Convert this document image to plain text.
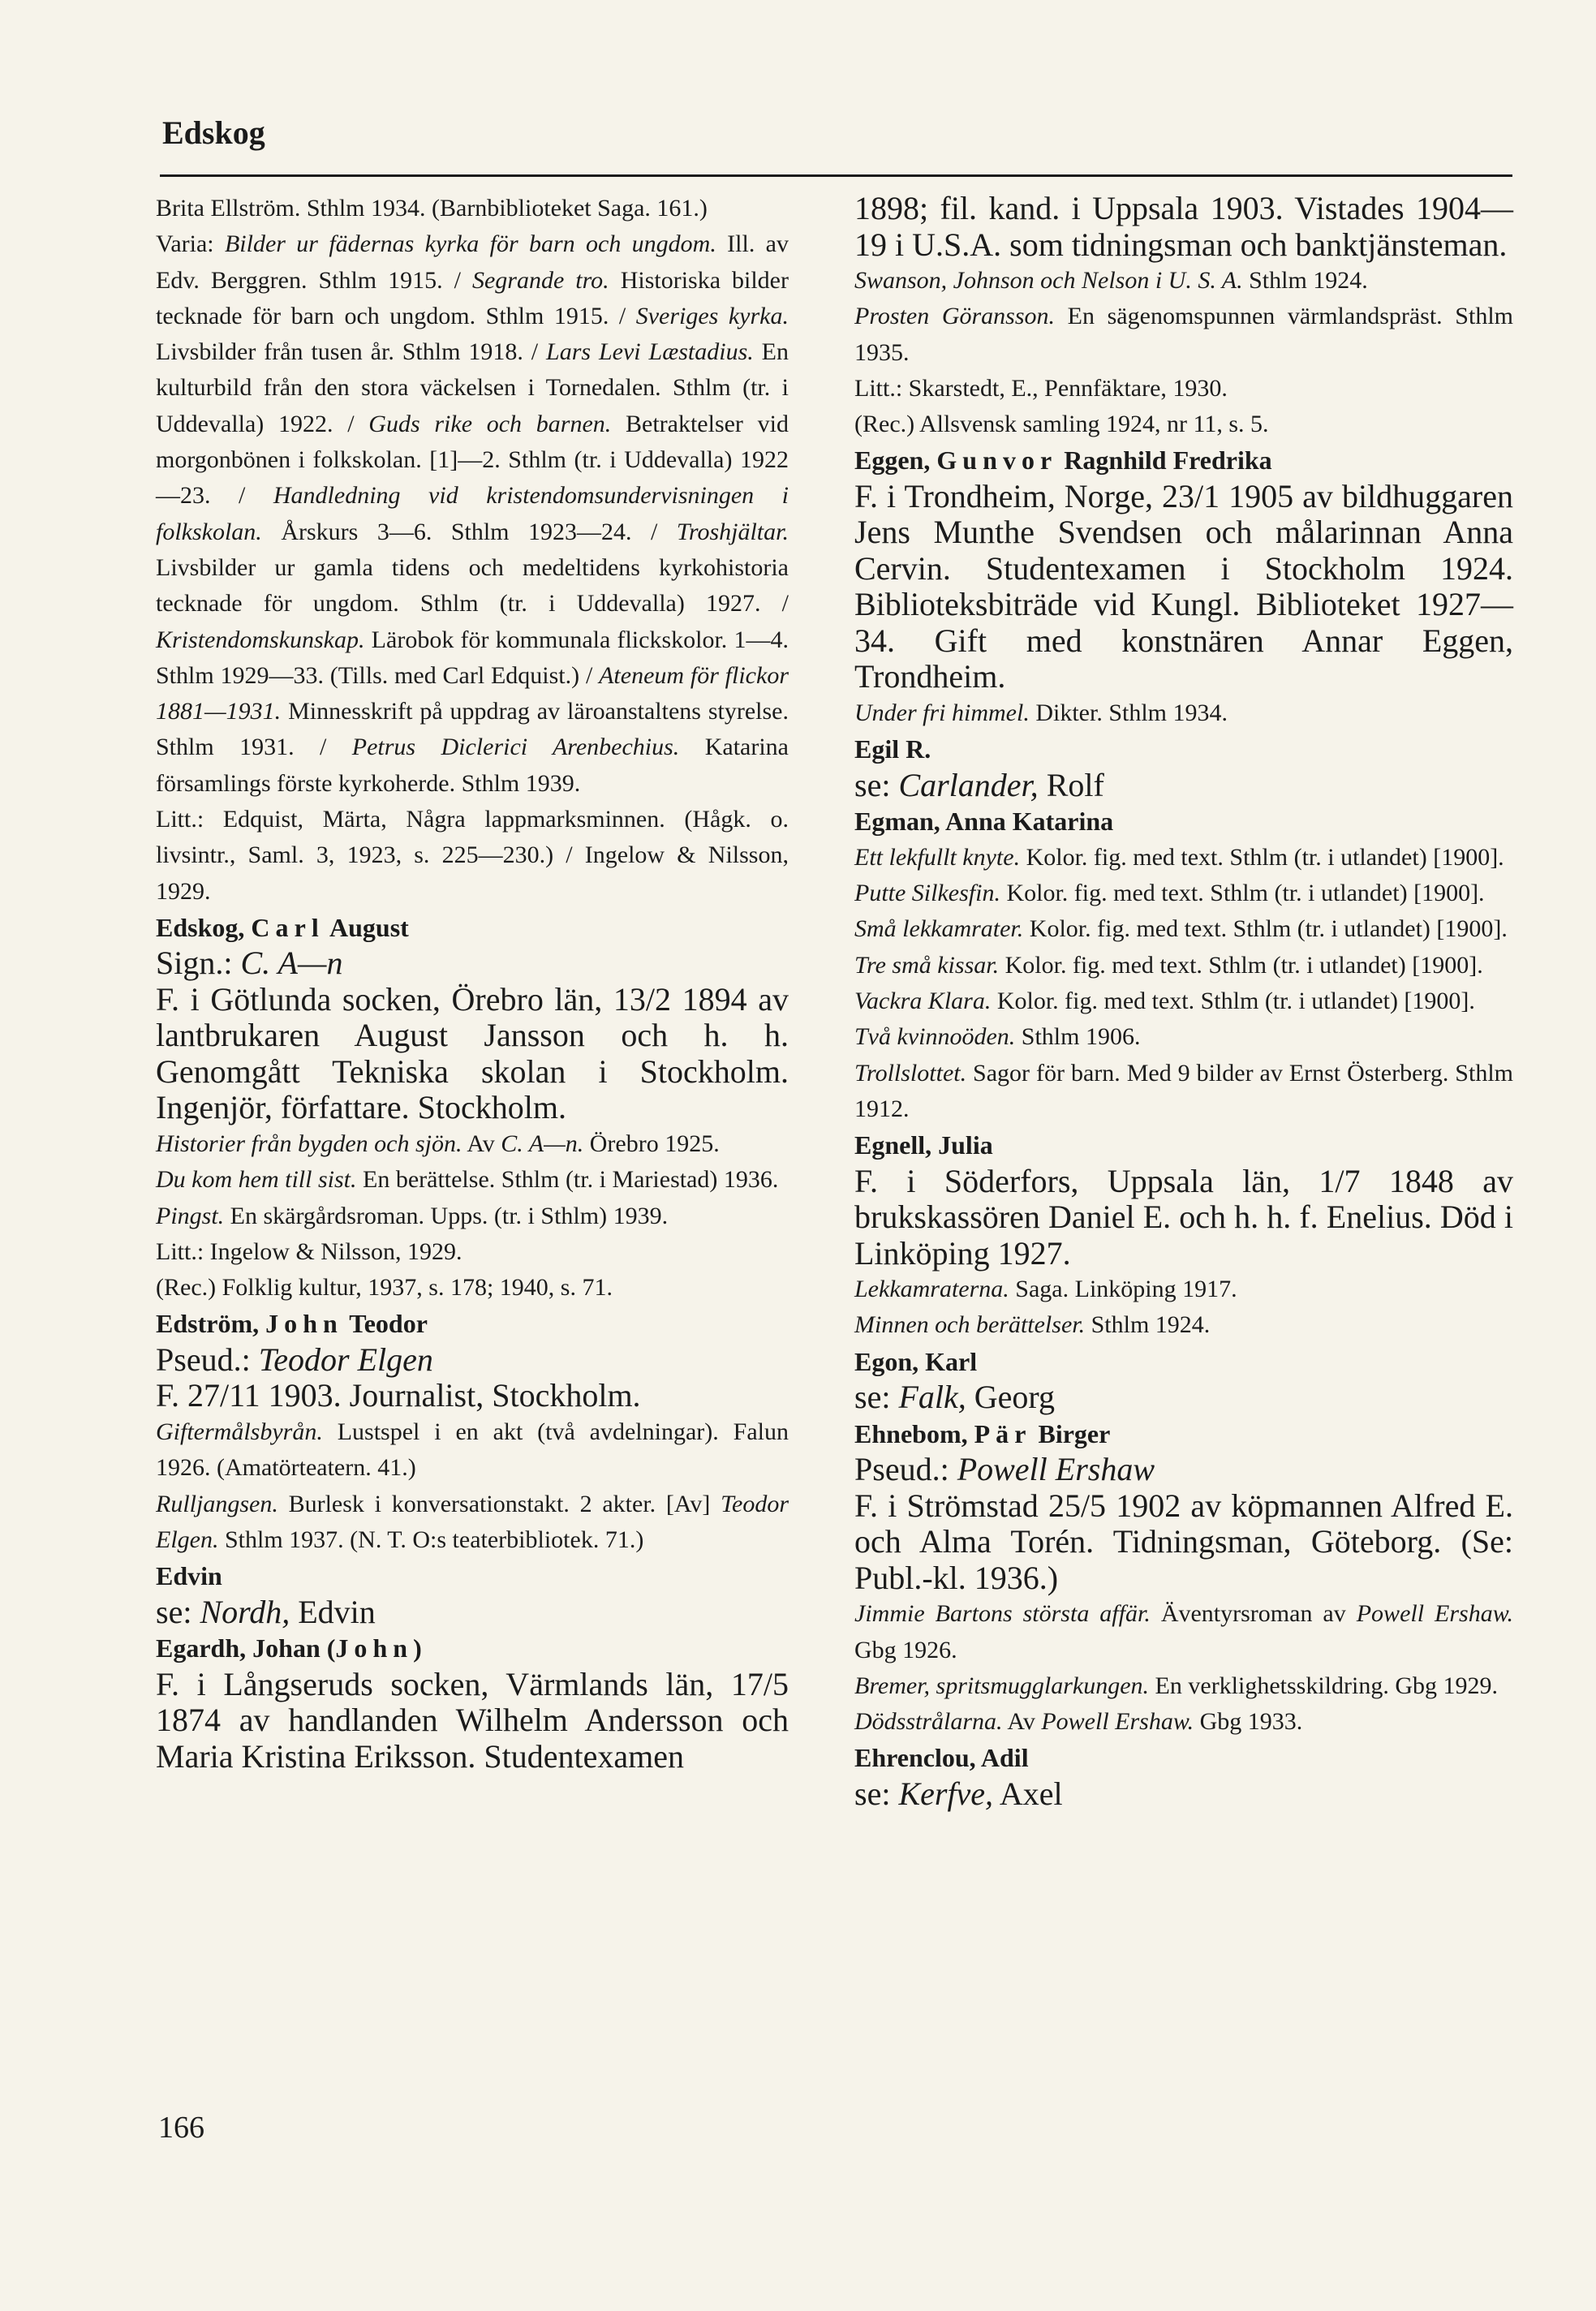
Edskog

Brita Ellström. Sthlm 1934. (Barnbiblioteket Saga. 161.)

Varia: Bilder ur fädernas kyrka för barn och ungdom. Ill. av Edv. Berggren. Sthlm 1915. / Segrande tro. Historiska bilder tecknade för barn och ungdom. Sthlm 1915. / Sveriges kyrka. Livsbilder från tusen år. Sthlm 1918. / Lars Levi Læstadius. En kulturbild från den stora väckelsen i Tornedalen. Sthlm (tr. i Uddevalla) 1922. / Guds rike och barnen. Betraktelser vid morgonbönen i folkskolan. [1]—2. Sthlm (tr. i Uddevalla) 1922—23. / Handledning vid kristendomsundervisningen i folkskolan. Årskurs 3—6. Sthlm 1923—24. / Troshjältar. Livsbilder ur gamla tidens och medeltidens kyrkohistoria tecknade för ungdom. Sthlm (tr. i Uddevalla) 1927. / Kristendomskunskap. Lärobok för kommunala flickskolor. 1—4. Sthlm 1929—33. (Tills. med Carl Edquist.) / Ateneum för flickor 1881—1931. Minnesskrift på uppdrag av läroanstaltens styrelse. Sthlm 1931. / Petrus Diclerici Arenbechius. Katarina församlings förste kyrkoherde. Sthlm 1939.

Litt.: Edquist, Märta, Några lappmarksminnen. (Hågk. o. livsintr., Saml. 3, 1923, s. 225—230.) / Ingelow & Nilsson, 1929.

Edskog, Carl August

Sign.: C. A—n

F. i Götlunda socken, Örebro län, 13/2 1894 av lantbrukaren August Jansson och h. h. Genomgått Tekniska skolan i Stockholm. Ingenjör, författare. Stockholm.

Historier från bygden och sjön. Av C. A—n. Örebro 1925.

Du kom hem till sist. En berättelse. Sthlm (tr. i Mariestad) 1936.

Pingst. En skärgårdsroman. Upps. (tr. i Sthlm) 1939.

Litt.: Ingelow & Nilsson, 1929.

(Rec.) Folklig kultur, 1937, s. 178; 1940, s. 71.

Edström, John Teodor

Pseud.: Teodor Elgen

F. 27/11 1903. Journalist, Stockholm.

Giftermålsbyrån. Lustspel i en akt (två avdelningar). Falun 1926. (Amatörteatern. 41.)

Rulljangsen. Burlesk i konversationstakt. 2 akter. [Av] Teodor Elgen. Sthlm 1937. (N. T. O:s teaterbibliotek. 71.)

Edvin

se: Nordh, Edvin

Egardh, Johan (John)

F. i Långseruds socken, Värmlands län, 17/5 1874 av handlanden Wilhelm Andersson och Maria Kristina Eriksson. Studentexamen

1898; fil. kand. i Uppsala 1903. Vistades 1904—19 i U.S.A. som tidningsman och banktjänsteman.

Swanson, Johnson och Nelson i U. S. A. Sthlm 1924.

Prosten Göransson. En sägenomspunnen värmlandspräst. Sthlm 1935.

Litt.: Skarstedt, E., Pennfäktare, 1930.

(Rec.) Allsvensk samling 1924, nr 11, s. 5.

Eggen, Gunvor Ragnhild Fredrika

F. i Trondheim, Norge, 23/1 1905 av bildhuggaren Jens Munthe Svendsen och målarinnan Anna Cervin. Studentexamen i Stockholm 1924. Biblioteksbiträde vid Kungl. Biblioteket 1927—34. Gift med konstnären Annar Eggen, Trondheim.

Under fri himmel. Dikter. Sthlm 1934.

Egil R.

se: Carlander, Rolf

Egman, Anna Katarina

Ett lekfullt knyte. Kolor. fig. med text. Sthlm (tr. i utlandet) [1900].

Putte Silkesfin. Kolor. fig. med text. Sthlm (tr. i utlandet) [1900].

Små lekkamrater. Kolor. fig. med text. Sthlm (tr. i utlandet) [1900].

Tre små kissar. Kolor. fig. med text. Sthlm (tr. i utlandet) [1900].

Vackra Klara. Kolor. fig. med text. Sthlm (tr. i utlandet) [1900].

Två kvinnoöden. Sthlm 1906.

Trollslottet. Sagor för barn. Med 9 bilder av Ernst Österberg. Sthlm 1912.

Egnell, Julia

F. i Söderfors, Uppsala län, 1/7 1848 av brukskassören Daniel E. och h. h. f. Enelius. Död i Linköping 1927.

Lekkamraterna. Saga. Linköping 1917.

Minnen och berättelser. Sthlm 1924.

Egon, Karl

se: Falk, Georg

Ehnebom, Pär Birger

Pseud.: Powell Ershaw

F. i Strömstad 25/5 1902 av köpmannen Alfred E. och Alma Torén. Tidningsman, Göteborg. (Se: Publ.-kl. 1936.)

Jimmie Bartons största affär. Äventyrsroman av Powell Ershaw. Gbg 1926.

Bremer, spritsmugglarkungen. En verklighetsskildring. Gbg 1929.

Dödsstrålarna. Av Powell Ershaw. Gbg 1933.

Ehrenclou, Adil

se: Kerfve, Axel

166
